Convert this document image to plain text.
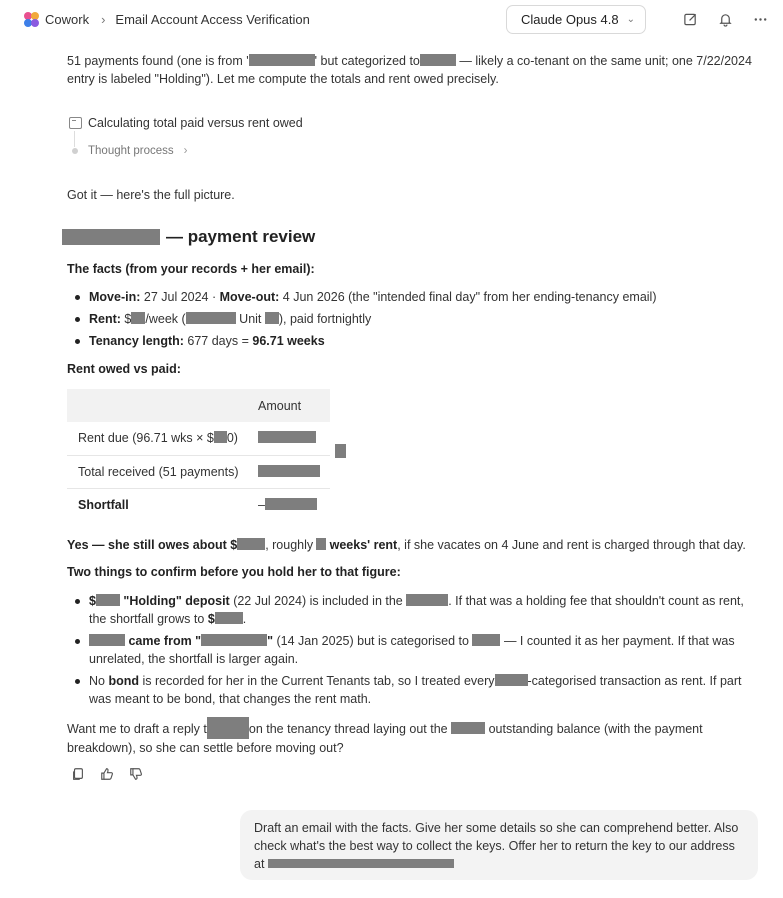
Cowork › Email Account Access Verification	Claude Opus 4.8 ⌄
51 payments found (one is from '	' but categorized to	— likely a co-tenant on the same unit; one 7/22/2024
entry is labeled "Holding"). Let me compute the totals and rent owed precisely.
Calculating total paid versus rent owed
Thought process ›
Got it — here's the full picture.
— payment review
The facts (from your records + her email):
Move-in: 27 Jul 2024 · Move-out: 4 Jun 2026 (the "intended final day" from her ending-tenancy email)
Rent: $ /week (	Unit ), paid fortnightly
Tenancy length: 677 days = 96.71 weeks
Rent owed vs paid:
	Amount
Rent due (96.71 wks × $ 0)	
Total received (51 payments)	
Shortfall	–
Yes — she still owes about $ , roughly weeks' rent, if she vacates on 4 June and rent is charged through that day.
Two things to confirm before you hold her to that figure:
$ "Holding" deposit (22 Jul 2024) is included in the	. If that was a holding fee that shouldn't count as rent,
the shortfall grows to $ .
came from "	" (14 Jan 2025) but is categorised to  — I counted it as her payment. If that was
unrelated, the shortfall is larger again.
No bond is recorded for her in the Current Tenants tab, so I treated every	-categorised transaction as rent. If part
was meant to be bond, that changes the rent math.
Want me to draft a reply t	on the tenancy thread laying out the	outstanding balance (with the payment
breakdown), so she can settle before moving out?
Draft an email with the facts. Give her some details so she can comprehend better. Also
check what's the best way to collect the keys. Offer her to return the key to our address
at
